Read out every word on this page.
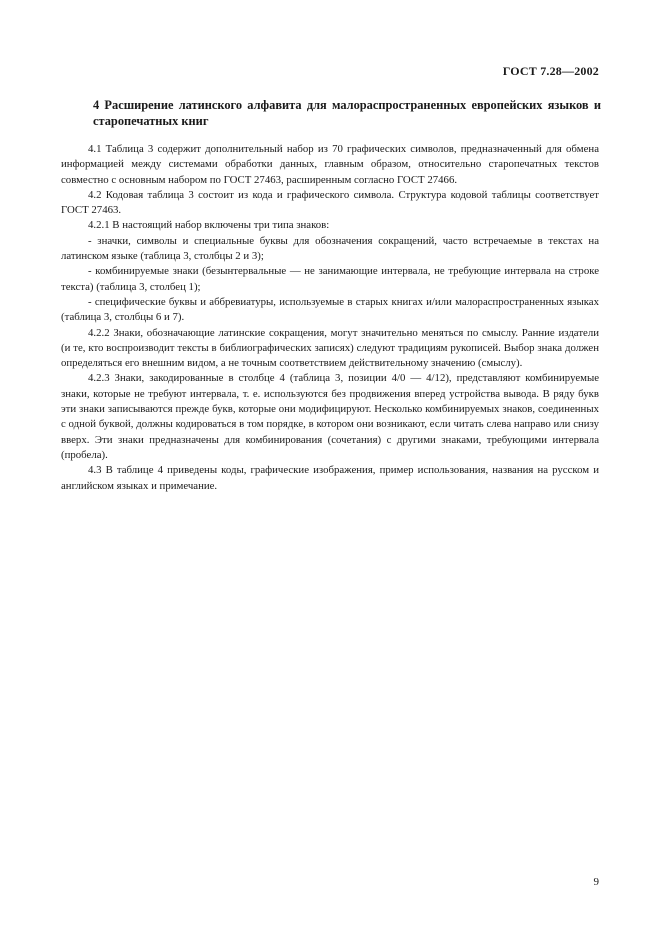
ГОСТ 7.28—2002
4 Расширение латинского алфавита для малораспространенных европейских языков и старопечатных книг

4.1 Таблица 3 содержит дополнительный набор из 70 графических символов, предназначенный для обмена информацией между системами обработки данных, главным образом, относительно старопечатных текстов совместно с основным набором по ГОСТ 27463, расширенным согласно ГОСТ 27466.

4.2 Кодовая таблица 3 состоит из кода и графического символа. Структура кодовой таблицы соответствует ГОСТ 27463.

4.2.1 В настоящий набор включены три типа знаков:

- значки, символы и специальные буквы для обозначения сокращений, часто встречаемые в текстах на латинском языке (таблица 3, столбцы 2 и 3);

- комбинируемые знаки (безынтервальные — не занимающие интервала, не требующие интервала на строке текста) (таблица 3, столбец 1);

- специфические буквы и аббревиатуры, используемые в старых книгах и/или малораспространенных языках (таблица 3, столбцы 6 и 7).

4.2.2 Знаки, обозначающие латинские сокращения, могут значительно меняться по смыслу. Ранние издатели (и те, кто воспроизводит тексты в библиографических записях) следуют традициям рукописей. Выбор знака должен определяться его внешним видом, а не точным соответствием действительному значению (смыслу).

4.2.3 Знаки, закодированные в столбце 4 (таблица 3, позиции 4/0 — 4/12), представляют комбинируемые знаки, которые не требуют интервала, т. е. используются без продвижения вперед устройства вывода. В ряду букв эти знаки записываются прежде букв, которые они модифицируют. Несколько комбинируемых знаков, соединенных с одной буквой, должны кодироваться в том порядке, в котором они возникают, если читать слева направо или снизу вверх. Эти знаки предназначены для комбинирования (сочетания) с другими знаками, требующими интервала (пробела).

4.3 В таблице 4 приведены коды, графические изображения, пример использования, названия на русском и английском языках и примечание.

9
